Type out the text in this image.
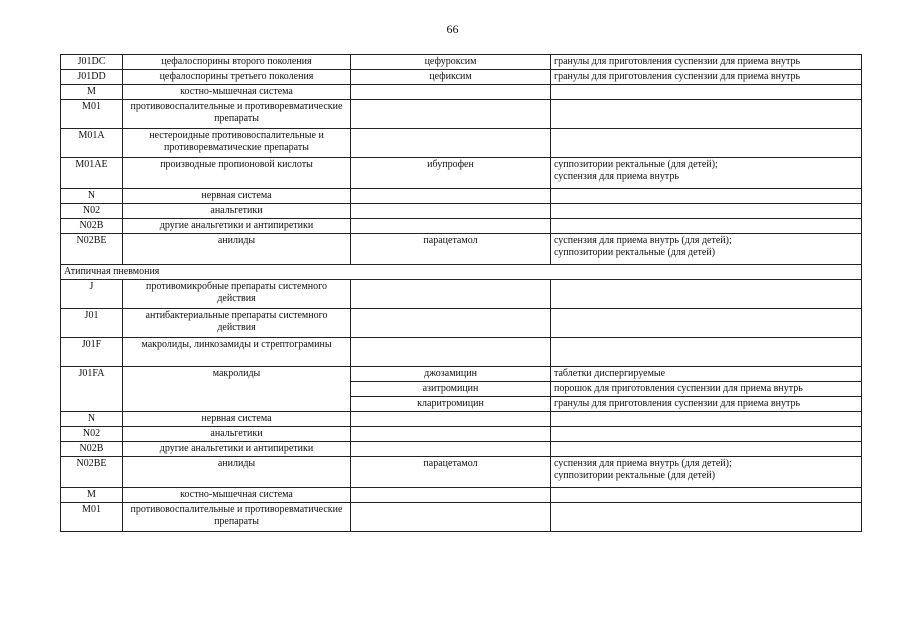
66
J01DC	цефалоспорины второго поколения	цефуроксим	гранулы для приготовления суспензии для приема внутрь
J01DD	цефалоспорины третьего поколения	цефиксим	гранулы для приготовления суспензии для приема внутрь
M	костно-мышечная система		
M01	противовоспалительные и противоревматические препараты		
M01A	нестероидные противовоспалительные и противоревматические препараты		
M01AE	производные пропионовой кислоты	ибупрофен	суппозитории ректальные (для детей);
суспензия для приема внутрь
N	нервная система		
N02	анальгетики		
N02B	другие анальгетики и антипиретики		
N02BE	анилиды	парацетамол	суспензия для приема внутрь (для детей);
суппозитории ректальные (для детей)
Атипичная пневмония			
J	противомикробные препараты системного действия		
J01	антибактериальные препараты системного действия		
J01F	макролиды, линкозамиды и стрептограмины		
J01FA	макролиды	джозамицин	таблетки диспергируемые
		азитромицин	порошок для приготовления суспензии для приема внутрь
		кларитромицин	гранулы для приготовления суспензии для приема внутрь
N	нервная система		
N02	анальгетики		
N02B	другие анальгетики и антипиретики		
N02BE	анилиды	парацетамол	суспензия для приема внутрь (для детей);
суппозитории ректальные (для детей)
M	костно-мышечная система		
M01	противовоспалительные и противоревматические препараты		
